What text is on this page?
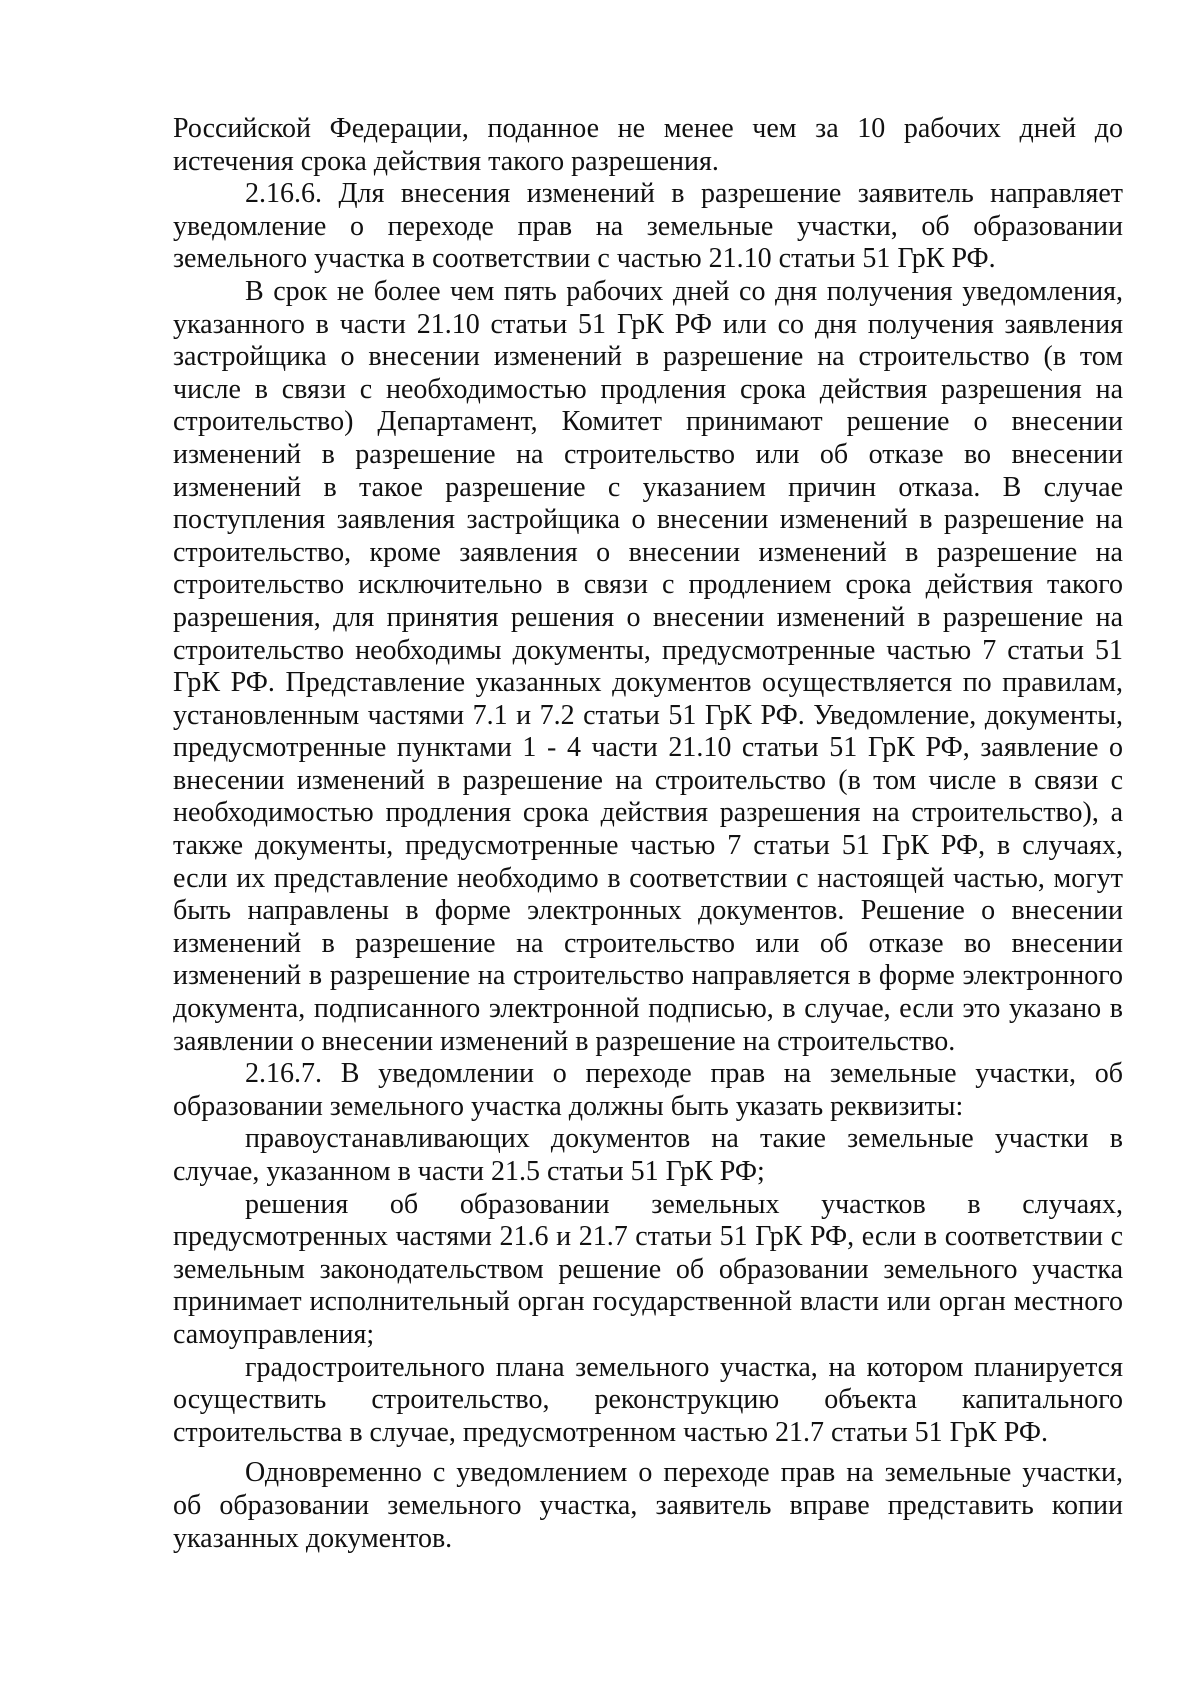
Российской Федерации, поданное не менее чем за 10 рабочих дней до истечения срока действия такого разрешения.

2.16.6. Для внесения изменений в разрешение заявитель направляет уведомление о переходе прав на земельные участки, об образовании земельного участка в соответствии с частью 21.10 статьи 51 ГрК РФ.

В срок не более чем пять рабочих дней со дня получения уведомления, указанного в части 21.10 статьи 51 ГрК РФ или со дня получения заявления застройщика о внесении изменений в разрешение на строительство (в том числе в связи с необходимостью продления срока действия разрешения на строительство) Департамент, Комитет принимают решение о внесении изменений в разрешение на строительство или об отказе во внесении изменений в такое разрешение с указанием причин отказа. В случае поступления заявления застройщика о внесении изменений в разрешение на строительство, кроме заявления о внесении изменений в разрешение на строительство исключительно в связи с продлением срока действия такого разрешения, для принятия решения о внесении изменений в разрешение на строительство необходимы документы, предусмотренные частью 7 статьи 51 ГрК РФ. Представление указанных документов осуществляется по правилам, установленным частями 7.1 и 7.2 статьи 51 ГрК РФ. Уведомление, документы, предусмотренные пунктами 1 - 4 части 21.10 статьи 51 ГрК РФ, заявление о внесении изменений в разрешение на строительство (в том числе в связи с необходимостью продления срока действия разрешения на строительство), а также документы, предусмотренные частью 7 статьи 51 ГрК РФ, в случаях, если их представление необходимо в соответствии с настоящей частью, могут быть направлены в форме электронных документов. Решение о внесении изменений в разрешение на строительство или об отказе во внесении изменений в разрешение на строительство направляется в форме электронного документа, подписанного электронной подписью, в случае, если это указано в заявлении о внесении изменений в разрешение на строительство.

2.16.7. В уведомлении о переходе прав на земельные участки, об образовании земельного участка должны быть указать реквизиты:

правоустанавливающих документов на такие земельные участки в случае, указанном в части 21.5 статьи 51 ГрК РФ;

решения об образовании земельных участков в случаях, предусмотренных частями 21.6 и 21.7 статьи 51 ГрК РФ, если в соответствии с земельным законодательством решение об образовании земельного участка принимает исполнительный орган государственной власти или орган местного самоуправления;

градостроительного плана земельного участка, на котором планируется осуществить строительство, реконструкцию объекта капитального строительства в случае, предусмотренном частью 21.7 статьи 51 ГрК РФ.

Одновременно с уведомлением о переходе прав на земельные участки, об образовании земельного участка, заявитель вправе представить копии указанных документов.
